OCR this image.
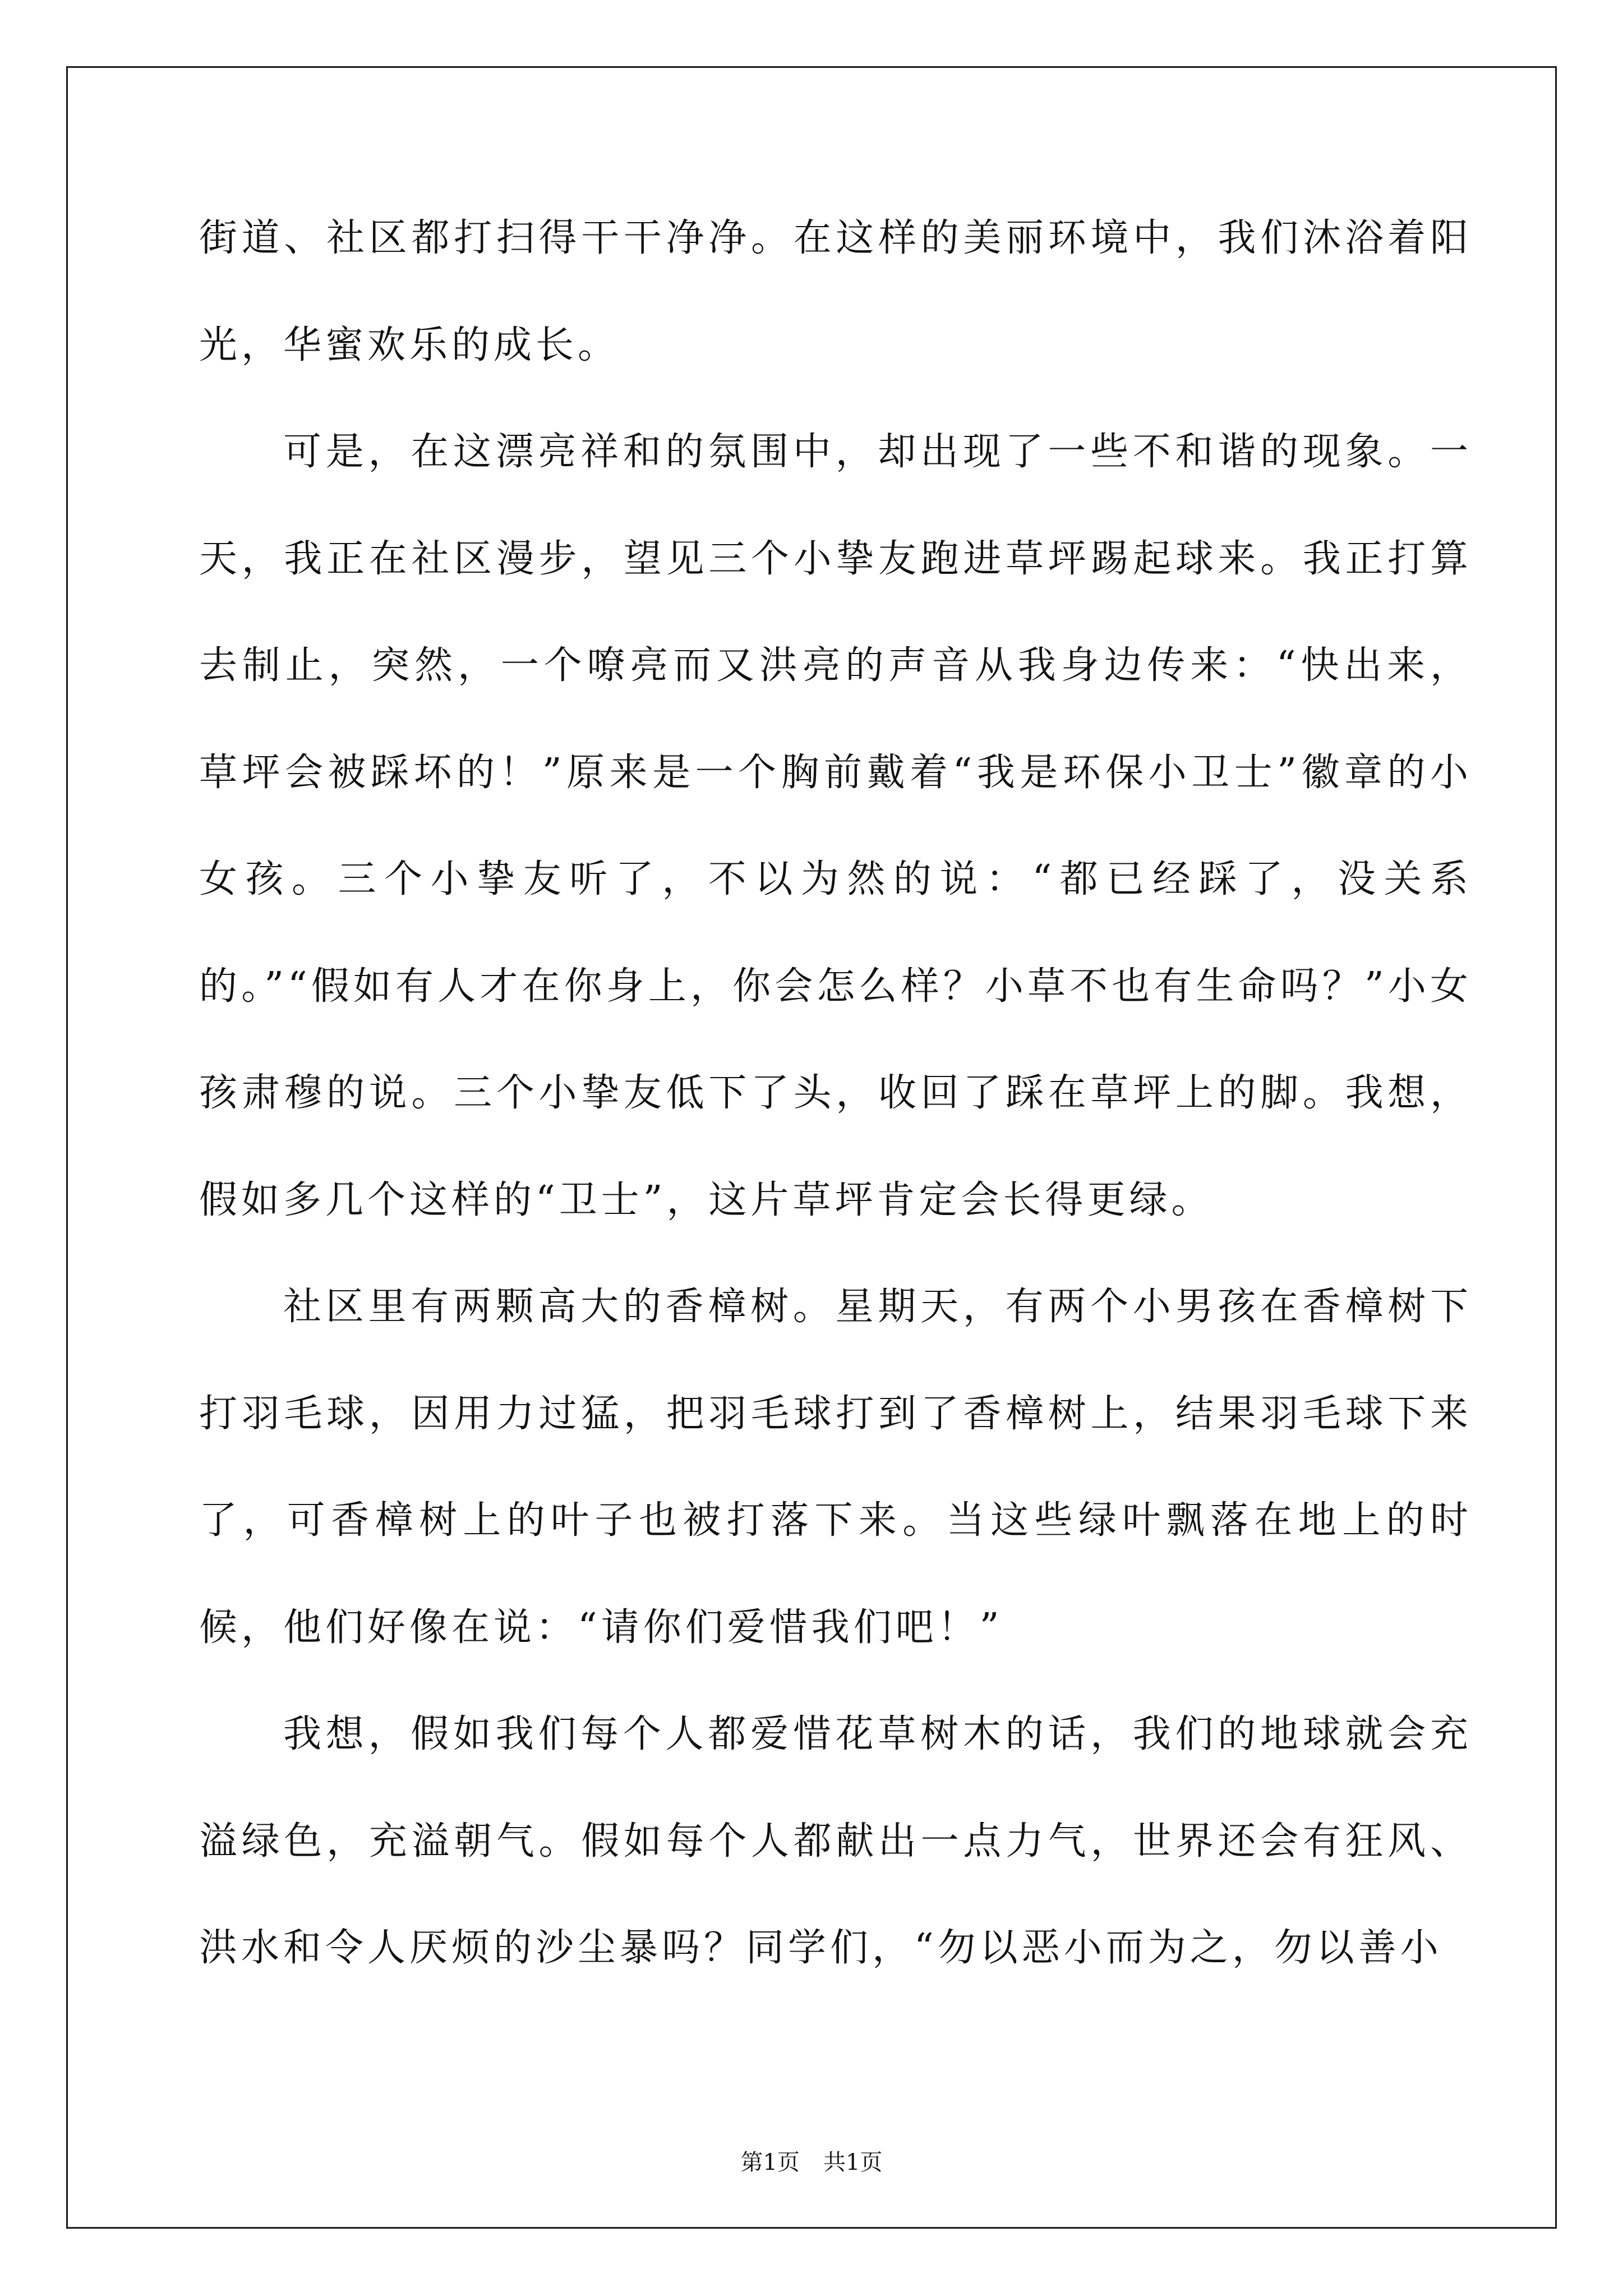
街道、社区都打扫得干干净净。在这样的美丽环境中，我们沐浴着阳光，华蜜欢乐的成长。

可是，在这漂亮祥和的氛围中，却出现了一些不和谐的现象。一天，我正在社区漫步，望见三个小挚友跑进草坪踢起球来。我正打算去制止，突然，一个嘹亮而又洪亮的声音从我身边传来：“快出来，草坪会被踩坏的！”原来是一个胸前戴着“我是环保小卫士”徽章的小女孩。三个小挚友听了，不以为然的说：“都已经踩了，没关系的。”“假如有人才在你身上，你会怎么样？小草不也有生命吗？”小女孩肃穆的说。三个小挚友低下了头，收回了踩在草坪上的脚。我想，假如多几个这样的“卫士”，这片草坪肯定会长得更绿。

社区里有两颗高大的香樟树。星期天，有两个小男孩在香樟树下打羽毛球，因用力过猛，把羽毛球打到了香樟树上，结果羽毛球下来了，可香樟树上的叶子也被打落下来。当这些绿叶飘落在地上的时候，他们好像在说：“请你们爱惜我们吧！”

我想，假如我们每个人都爱惜花草树木的话，我们的地球就会充溢绿色，充溢朝气。假如每个人都献出一点力气，世界还会有狂风、洪水和令人厌烦的沙尘暴吗？同学们，“勿以恶小而为之，勿以善小

第1页 共1页
